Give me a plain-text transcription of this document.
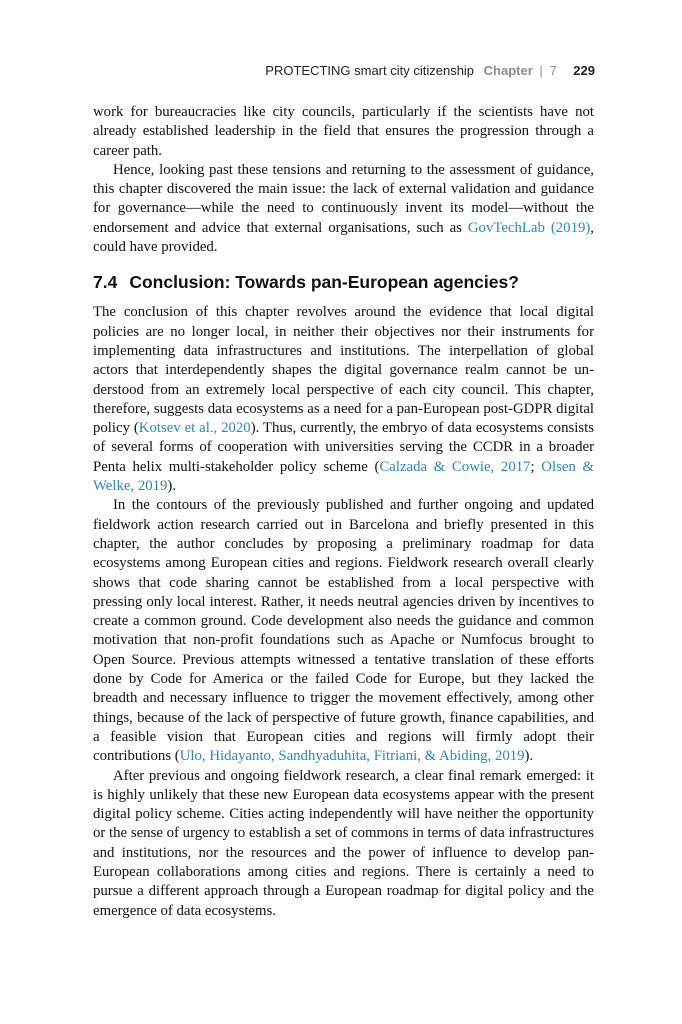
PROTECTING smart city citizenship Chapter | 7 229

work for bureaucracies like city councils, particularly if the scientists have not already established leadership in the field that ensures the progression through a career path.

Hence, looking past these tensions and returning to the assessment of guidance, this chapter discovered the main issue: the lack of external validation and guidance for governance—while the need to continuously invent its model—without the endorsement and advice that external organisations, such as GovTechLab (2019), could have provided.

7.4 Conclusion: Towards pan-European agencies?

The conclusion of this chapter revolves around the evidence that local digital policies are no longer local, in neither their objectives nor their instruments for implementing data infrastructures and institutions. The interpellation of global actors that interdependently shapes the digital governance realm cannot be understood from an extremely local perspective of each city council. This chapter, therefore, suggests data ecosystems as a need for a pan-European post-GDPR digital policy (Kotsev et al., 2020). Thus, currently, the embryo of data ecosystems consists of several forms of cooperation with universities serving the CCDR in a broader Penta helix multi-stakeholder policy scheme (Calzada & Cowie, 2017; Olsen & Welke, 2019).

In the contours of the previously published and further ongoing and updated fieldwork action research carried out in Barcelona and briefly presented in this chapter, the author concludes by proposing a preliminary roadmap for data ecosystems among European cities and regions. Fieldwork research overall clearly shows that code sharing cannot be established from a local perspective with pressing only local interest. Rather, it needs neutral agencies driven by incentives to create a common ground. Code development also needs the guidance and common motivation that non-profit foundations such as Apache or Numfocus brought to Open Source. Previous attempts witnessed a tentative translation of these efforts done by Code for America or the failed Code for Europe, but they lacked the breadth and necessary influence to trigger the movement effectively, among other things, because of the lack of perspective of future growth, finance capabilities, and a feasible vision that European cities and regions will firmly adopt their contributions (Ulo, Hidayanto, Sandhyaduhita, Fitriani, & Abiding, 2019).

After previous and ongoing fieldwork research, a clear final remark emerged: it is highly unlikely that these new European data ecosystems appear with the present digital policy scheme. Cities acting independently will have neither the opportunity or the sense of urgency to establish a set of commons in terms of data infrastructures and institutions, nor the resources and the power of influence to develop pan-European collaborations among cities and regions. There is certainly a need to pursue a different approach through a European roadmap for digital policy and the emergence of data ecosystems.
